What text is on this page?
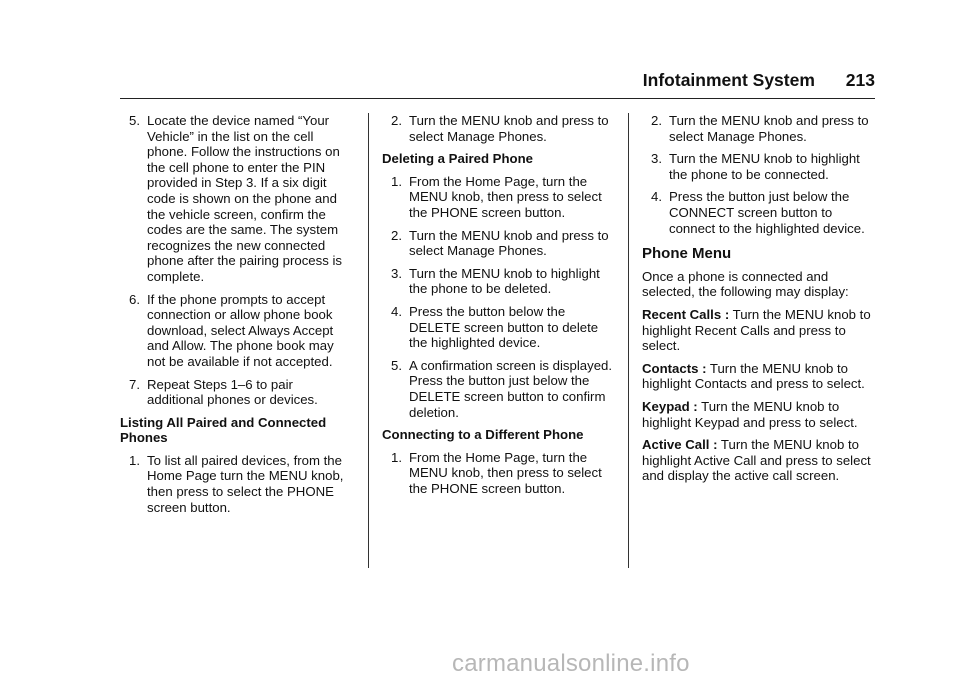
Infotainment System 213
5. Locate the device named “Your Vehicle” in the list on the cell phone. Follow the instructions on the cell phone to enter the PIN provided in Step 3. If a six digit code is shown on the phone and the vehicle screen, confirm the codes are the same. The system recognizes the new connected phone after the pairing process is complete.
6. If the phone prompts to accept connection or allow phone book download, select Always Accept and Allow. The phone book may not be available if not accepted.
7. Repeat Steps 1–6 to pair additional phones or devices.
Listing All Paired and Connected Phones
1. To list all paired devices, from the Home Page turn the MENU knob, then press to select the PHONE screen button.
2. Turn the MENU knob and press to select Manage Phones.
Deleting a Paired Phone
1. From the Home Page, turn the MENU knob, then press to select the PHONE screen button.
2. Turn the MENU knob and press to select Manage Phones.
3. Turn the MENU knob to highlight the phone to be deleted.
4. Press the button below the DELETE screen button to delete the highlighted device.
5. A confirmation screen is displayed. Press the button just below the DELETE screen button to confirm deletion.
Connecting to a Different Phone
1. From the Home Page, turn the MENU knob, then press to select the PHONE screen button.
2. Turn the MENU knob and press to select Manage Phones.
3. Turn the MENU knob to highlight the phone to be connected.
4. Press the button just below the CONNECT screen button to connect to the highlighted device.
Phone Menu
Once a phone is connected and selected, the following may display:
Recent Calls : Turn the MENU knob to highlight Recent Calls and press to select.
Contacts : Turn the MENU knob to highlight Contacts and press to select.
Keypad : Turn the MENU knob to highlight Keypad and press to select.
Active Call : Turn the MENU knob to highlight Active Call and press to select and display the active call screen.
carmanualsonline.info
